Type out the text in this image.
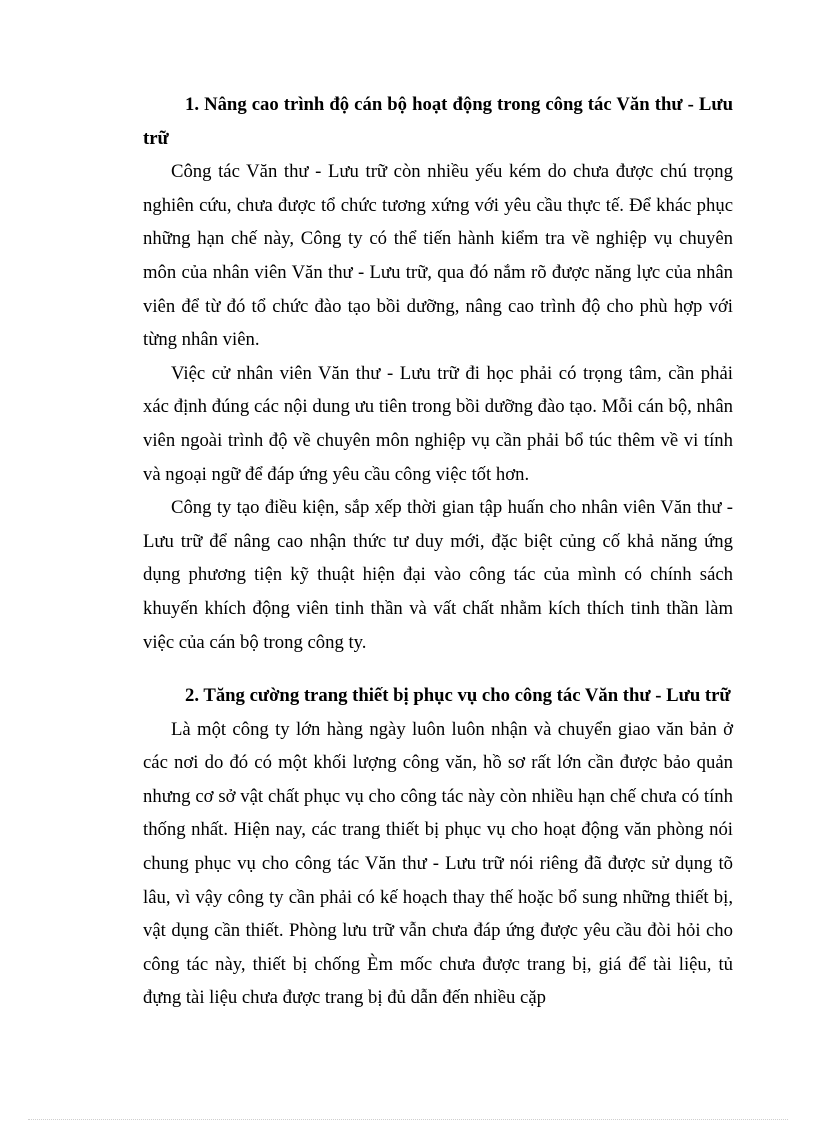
1. Nâng cao trình độ cán bộ hoạt động trong công tác Văn thư - Lưu trữ

Công tác Văn thư - Lưu trữ còn nhiều yếu kém do chưa được chú trọng nghiên cứu, chưa được tổ chức tương xứng với yêu cầu thực tế. Để khác phục những hạn chế này, Công ty có thể tiến hành kiểm tra về nghiệp vụ chuyên môn của nhân viên Văn thư - Lưu trữ, qua đó nắm rõ được năng lực của nhân viên để từ đó tổ chức đào tạo bồi dưỡng, nâng cao trình độ cho phù hợp với từng nhân viên.

Việc cử nhân viên Văn thư - Lưu trữ đi học phải có trọng tâm, cần phải xác định đúng các nội dung ưu tiên trong bồi dưỡng đào tạo. Mỗi cán bộ, nhân viên ngoài trình độ về chuyên môn nghiệp vụ cần phải bổ túc thêm về vi tính và ngoại ngữ để đáp ứng yêu cầu công việc tốt hơn.

Công ty tạo điều kiện, sắp xếp thời gian tập huấn cho nhân viên Văn thư - Lưu trữ để nâng cao nhận thức tư duy mới, đặc biệt củng cố khả năng ứng dụng phương tiện kỹ thuật hiện đại vào công tác của mình có chính sách khuyến khích động viên tinh thần và vất chất nhằm kích thích tinh thần làm việc của cán bộ trong công ty.

2. Tăng cường trang thiết bị phục vụ cho công tác Văn thư - Lưu trữ

Là một công ty lớn hàng ngày luôn luôn nhận và chuyển giao văn bản ở các nơi do đó có một khối lượng công văn, hồ sơ rất lớn cần được bảo quản nhưng cơ sở vật chất phục vụ cho công tác này còn nhiều hạn chế chưa có tính thống nhất. Hiện nay, các trang thiết bị phục vụ cho hoạt động văn phòng nói chung phục vụ cho công tác Văn thư - Lưu trữ nói riêng đã được sử dụng tõ lâu, vì vậy công ty cần phải có kế hoạch thay thế hoặc bổ sung những thiết bị, vật dụng cần thiết. Phòng lưu trữ vẫn chưa đáp ứng được yêu cầu đòi hỏi cho công tác này, thiết bị chống Èm mốc chưa được trang bị, giá để tài liệu, tủ đựng tài liệu chưa được trang bị đủ dẫn đến nhiều cặp
